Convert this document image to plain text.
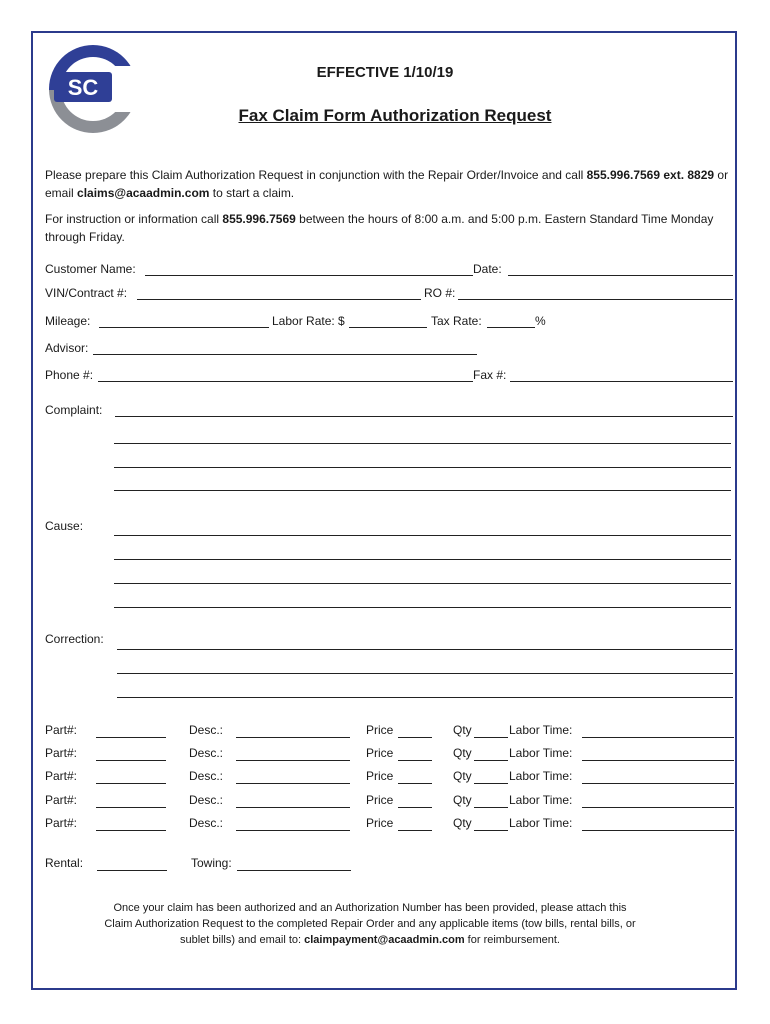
SC
EFFECTIVE 1/10/19
Fax Claim Form Authorization Request
Please prepare this Claim Authorization Request in conjunction with the Repair Order/Invoice and call 855.996.7569 ext. 8829 or email claims@acaadmin.com to start a claim.
For instruction or information call 855.996.7569 between the hours of 8:00 a.m. and 5:00 p.m. Eastern Standard Time Monday through Friday.
Customer Name:	Date:
VIN/Contract #:	RO #:
Mileage:	Labor Rate: $	Tax Rate:	%
Advisor:
Phone #:	Fax #:
Complaint:
Cause:
Correction:
Part#:	Desc.:	Price	Qty	Labor Time:
Part#:	Desc.:	Price	Qty	Labor Time:
Part#:	Desc.:	Price	Qty	Labor Time:
Part#:	Desc.:	Price	Qty	Labor Time:
Part#:	Desc.:	Price	Qty	Labor Time:
Rental:	Towing:
Once your claim has been authorized and an Authorization Number has been provided, please attach this Claim Authorization Request to the completed Repair Order and any applicable items (tow bills, rental bills, or sublet bills) and email to: claimpayment@acaadmin.com for reimbursement.
